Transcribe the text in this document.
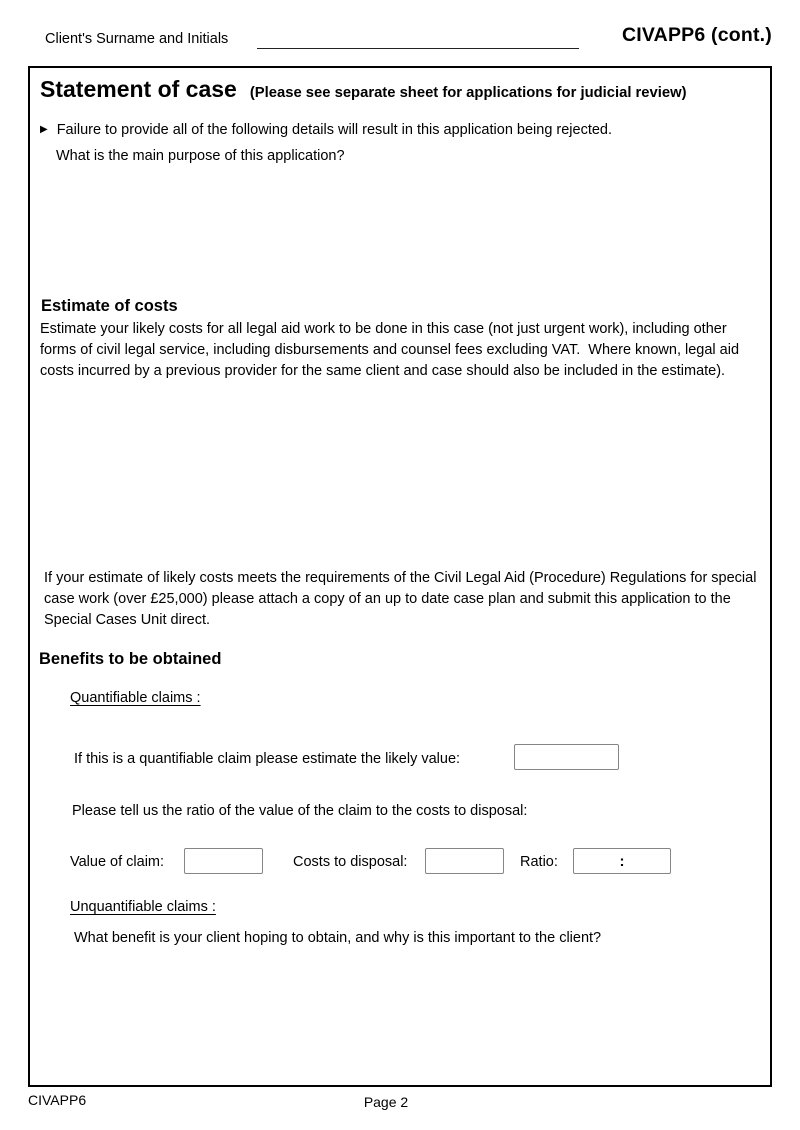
Client's Surname and Initials	CIVAPP6 (cont.)
Statement of case (Please see separate sheet for applications for judicial review)
▶ Failure to provide all of the following details will result in this application being rejected.
What is the main purpose of this application?
Estimate of costs
Estimate your likely costs for all legal aid work to be done in this case (not just urgent work), including other forms of civil legal service, including disbursements and counsel fees excluding VAT.  Where known, legal aid costs incurred by a previous provider for the same client and case should also be included in the estimate).
If your estimate of likely costs meets the requirements of the Civil Legal Aid (Procedure) Regulations for special case work (over £25,000) please attach a copy of an up to date case plan and submit this application to the Special Cases Unit direct.
Benefits to be obtained
Quantifiable claims :
If this is a quantifiable claim please estimate the likely value:
Please tell us the ratio of the value of the claim to the costs to disposal:
Value of claim:	Costs to disposal:	Ratio:	:
Unquantifiable claims :
What benefit is your client hoping to obtain, and why is this important to the client?
CIVAPP6	Page 2
